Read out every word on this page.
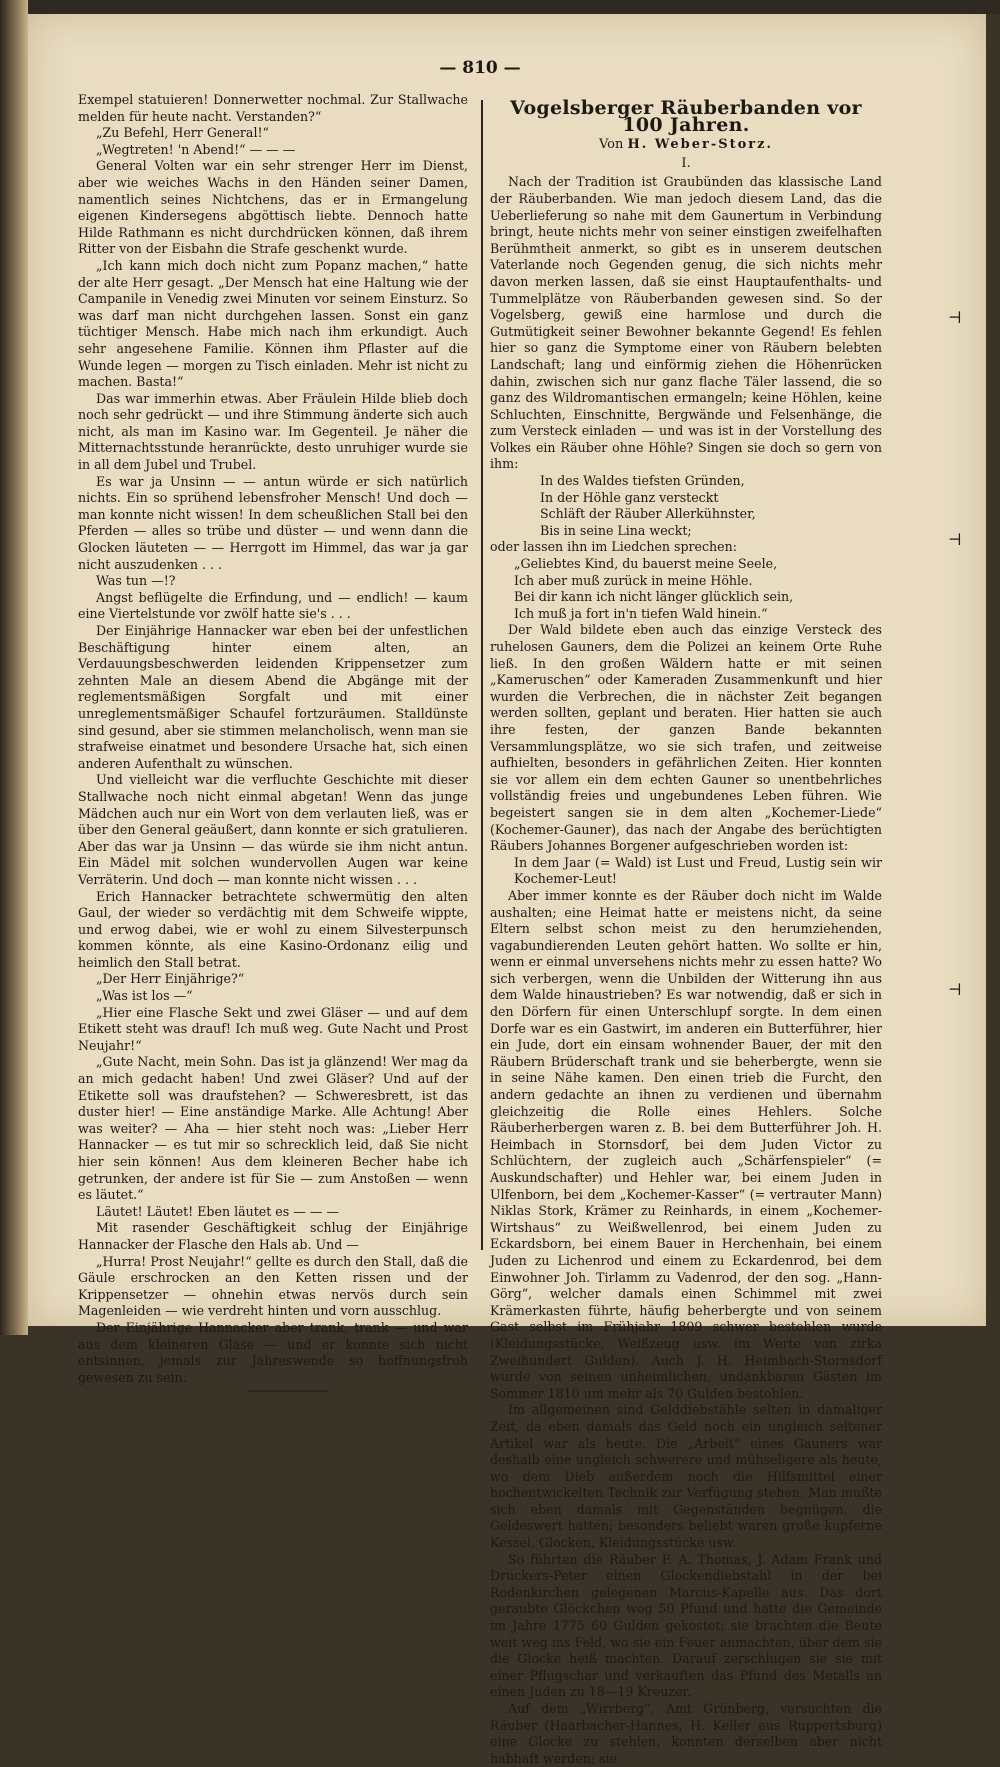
— 810 —

Exempel statuieren! Donnerwetter nochmal. Zur Stallwache melden für heute nacht. Verstanden?“

„Zu Befehl, Herr General!“

„Wegtreten! 'n Abend!“ — — —

General Volten war ein sehr strenger Herr im Dienst, aber wie weiches Wachs in den Händen seiner Damen, namentlich seines Nichtchens, das er in Ermangelung eigenen Kindersegens abgöttisch liebte. Dennoch hatte Hilde Rathmann es nicht durchdrücken können, daß ihrem Ritter von der Eisbahn die Strafe geschenkt wurde.

„Ich kann mich doch nicht zum Popanz machen,“ hatte der alte Herr gesagt. „Der Mensch hat eine Haltung wie der Campanile in Venedig zwei Minuten vor seinem Einsturz. So was darf man nicht durchgehen lassen. Sonst ein ganz tüchtiger Mensch. Habe mich nach ihm erkundigt. Auch sehr angesehene Familie. Können ihm Pflaster auf die Wunde legen — morgen zu Tisch einladen. Mehr ist nicht zu machen. Basta!“

Das war immerhin etwas. Aber Fräulein Hilde blieb doch noch sehr gedrückt — und ihre Stimmung änderte sich auch nicht, als man im Kasino war. Im Gegenteil. Je näher die Mitternachtsstunde heranrückte, desto unruhiger wurde sie in all dem Jubel und Trubel.

Es war ja Unsinn — — antun würde er sich natürlich nichts. Ein so sprühend lebensfroher Mensch! Und doch — man konnte nicht wissen! In dem scheußlichen Stall bei den Pferden — alles so trübe und düster — und wenn dann die Glocken läuteten — — Herrgott im Himmel, das war ja gar nicht auszudenken . . .

Was tun —!?

Angst beflügelte die Erfindung, und — endlich! — kaum eine Viertelstunde vor zwölf hatte sie's . . .

Der Einjährige Hannacker war eben bei der unfestlichen Beschäftigung hinter einem alten, an Verdauungsbeschwerden leidenden Krippensetzer zum zehnten Male an diesem Abend die Abgänge mit der reglementsmäßigen Sorgfalt und mit einer unreglementsmäßiger Schaufel fortzuräumen. Stalldünste sind gesund, aber sie stimmen melancholisch, wenn man sie strafweise einatmet und besondere Ursache hat, sich einen anderen Aufenthalt zu wünschen.

Und vielleicht war die verfluchte Geschichte mit dieser Stallwache noch nicht einmal abgetan! Wenn das junge Mädchen auch nur ein Wort von dem verlauten ließ, was er über den General geäußert, dann konnte er sich gratulieren. Aber das war ja Unsinn — das würde sie ihm nicht antun. Ein Mädel mit solchen wundervollen Augen war keine Verräterin. Und doch — man konnte nicht wissen . . .

Erich Hannacker betrachtete schwermütig den alten Gaul, der wieder so verdächtig mit dem Schweife wippte, und erwog dabei, wie er wohl zu einem Silvesterpunsch kommen könnte, als eine Kasino-Ordonanz eilig und heimlich den Stall betrat.

„Der Herr Einjährige?“

„Was ist los —“

„Hier eine Flasche Sekt und zwei Gläser — und auf dem Etikett steht was drauf! Ich muß weg. Gute Nacht und Prost Neujahr!“

„Gute Nacht, mein Sohn. Das ist ja glänzend! Wer mag da an mich gedacht haben! Und zwei Gläser? Und auf der Etikette soll was draufstehen? — Schweresbrett, ist das duster hier! — Eine anständige Marke. Alle Achtung! Aber was weiter? — Aha — hier steht noch was: „Lieber Herr Hannacker — es tut mir so schrecklich leid, daß Sie nicht hier sein können! Aus dem kleineren Becher habe ich getrunken, der andere ist für Sie — zum Anstoßen — wenn es läutet.“

Läutet! Läutet! Eben läutet es — — —

Mit rasender Geschäftigkeit schlug der Einjährige Hannacker der Flasche den Hals ab. Und —

„Hurra! Prost Neujahr!“ gellte es durch den Stall, daß die Gäule erschrocken an den Ketten rissen und der Krippensetzer — ohnehin etwas nervös durch sein Magenleiden — wie verdreht hinten und vorn ausschlug.

Der Einjährige Hannacker aber trank, trank — und war aus dem kleineren Glase — und er konnte sich nicht entsinnen, jemals zur Jahreswende so hoffnungsfroh gewesen zu sein.

Vogelsberger Räuberbanden vor 100 Jahren.
Von H. Weber-Storz.
I.

Nach der Tradition ist Graubünden das klassische Land der Räuberbanden. Wie man jedoch diesem Land, das die Ueberlieferung so nahe mit dem Gaunertum in Verbindung bringt, heute nichts mehr von seiner einstigen zweifelhaften Berühmtheit anmerkt, so gibt es in unserem deutschen Vaterlande noch Gegenden genug, die sich nichts mehr davon merken lassen, daß sie einst Hauptaufenthalts- und Tummelplätze von Räuberbanden gewesen sind. So der Vogelsberg, gewiß eine harmlose und durch die Gutmütigkeit seiner Bewohner bekannte Gegend! Es fehlen hier so ganz die Symptome einer von Räubern belebten Landschaft; lang und einförmig ziehen die Höhenrücken dahin, zwischen sich nur ganz flache Täler lassend, die so ganz des Wildromantischen ermangeln; keine Höhlen, keine Schluchten, Einschnitte, Bergwände und Felsenhänge, die zum Versteck einladen — und was ist in der Vorstellung des Volkes ein Räuber ohne Höhle? Singen sie doch so gern von ihm:

In des Waldes tiefsten Gründen,

In der Höhle ganz versteckt

Schläft der Räuber Allerkühnster,

Bis in seine Lina weckt;

oder lassen ihn im Liedchen sprechen:

„Geliebtes Kind, du bauerst meine Seele,

Ich aber muß zurück in meine Höhle.

Bei dir kann ich nicht länger glücklich sein,

Ich muß ja fort in'n tiefen Wald hinein.“

Der Wald bildete eben auch das einzige Versteck des ruhelosen Gauners, dem die Polizei an keinem Orte Ruhe ließ. In den großen Wäldern hatte er mit seinen „Kameruschen“ oder Kameraden Zusammenkunft und hier wurden die Verbrechen, die in nächster Zeit begangen werden sollten, geplant und beraten. Hier hatten sie auch ihre festen, der ganzen Bande bekannten Versammlungsplätze, wo sie sich trafen, und zeitweise aufhielten, besonders in gefährlichen Zeiten. Hier konnten sie vor allem ein dem echten Gauner so unentbehrliches vollständig freies und ungebundenes Leben führen. Wie begeistert sangen sie in dem alten „Kochemer-Liede“ (Kochemer-Gauner), das nach der Angabe des berüchtigten Räubers Johannes Borgener aufgeschrieben worden ist:

In dem Jaar (= Wald) ist Lust und Freud, Lustig sein wir Kochemer-Leut!

Aber immer konnte es der Räuber doch nicht im Walde aushalten; eine Heimat hatte er meistens nicht, da seine Eltern selbst schon meist zu den herumziehenden, vagabundierenden Leuten gehört hatten. Wo sollte er hin, wenn er einmal unversehens nichts mehr zu essen hatte? Wo sich verbergen, wenn die Unbilden der Witterung ihn aus dem Walde hinaustrieben? Es war notwendig, daß er sich in den Dörfern für einen Unterschlupf sorgte. In dem einen Dorfe war es ein Gastwirt, im anderen ein Butterführer, hier ein Jude, dort ein einsam wohnender Bauer, der mit den Räubern Brüderschaft trank und sie beherbergte, wenn sie in seine Nähe kamen. Den einen trieb die Furcht, den andern gedachte an ihnen zu verdienen und übernahm gleichzeitig die Rolle eines Hehlers. Solche Räuberherbergen waren z. B. bei dem Butterführer Joh. H. Heimbach in Stornsdorf, bei dem Juden Victor zu Schlüchtern, der zugleich auch „Schärfenspieler“ (= Auskundschafter) und Hehler war, bei einem Juden in Ulfenborn, bei dem „Kochemer-Kasser“ (= vertrauter Mann) Niklas Stork, Krämer zu Reinhards, in einem „Kochemer-Wirtshaus“ zu Weißwellenrod, bei einem Juden zu Eckardsborn, bei einem Bauer in Herchenhain, bei einem Juden zu Lichenrod und einem zu Eckardenrod, bei dem Einwohner Joh. Tirlamm zu Vadenrod, der den sog. „Hann-Görg“, welcher damals einen Schimmel mit zwei Krämerkasten führte, häufig beherbergte und von seinem Gast selbst im Frühjahr 1809 schwer bestohlen wurde (Kleidungsstücke, Weißzeug usw. im Werte von zirka Zweihundert Gulden). Auch J. H. Heimbach-Stornsdorf wurde von seinen unheimlichen, undankbaren Gästen im Sommer 1810 um mehr als 70 Gulden bestohlen.

Im allgemeinen sind Gelddiebstähle selten in damaliger Zeit, da eben damals das Geld noch ein ungleich seltener Artikel war als heute. Die „Arbeit“ eines Gauners war deshalb eine ungleich schwerere und mühseligere als heute, wo dem Dieb außerdem noch die Hilfsmittel einer hochentwickelten Technik zur Verfügung stehen. Man mußte sich eben damals mit Gegenständen begnügen, die Geldeswert hatten; besonders beliebt waren große kupferne Kessel, Glocken, Kleidungsstücke usw.

So führten die Räuber F. A. Thomas, J. Adam Frank und Druckers-Peter einen Glockendiebstahl in der bei Rodenkirchen gelegenen Marcus-Kapelle aus. Das dort geraubte Glöckchen wog 50 Pfund und hatte die Gemeinde im Jahre 1775 60 Gulden gekostet; sie brachten die Beute weit weg ins Feld, wo sie ein Feuer anmachten, über dem sie die Glocke heiß machten. Darauf zerschlugen sie sie mit einer Pflugschar und verkauften das Pfund des Metalls an einen Juden zu 18—19 Kreuzer.

Auf dem „Wirrberg“, Amt Grünberg, versuchten die Räuber (Haarbacher-Hannes, H. Keller aus Ruppertsburg) eine Glocke zu stehlen, konnten derselben aber nicht habhaft werden; sie

⊣
⊣
⊣
